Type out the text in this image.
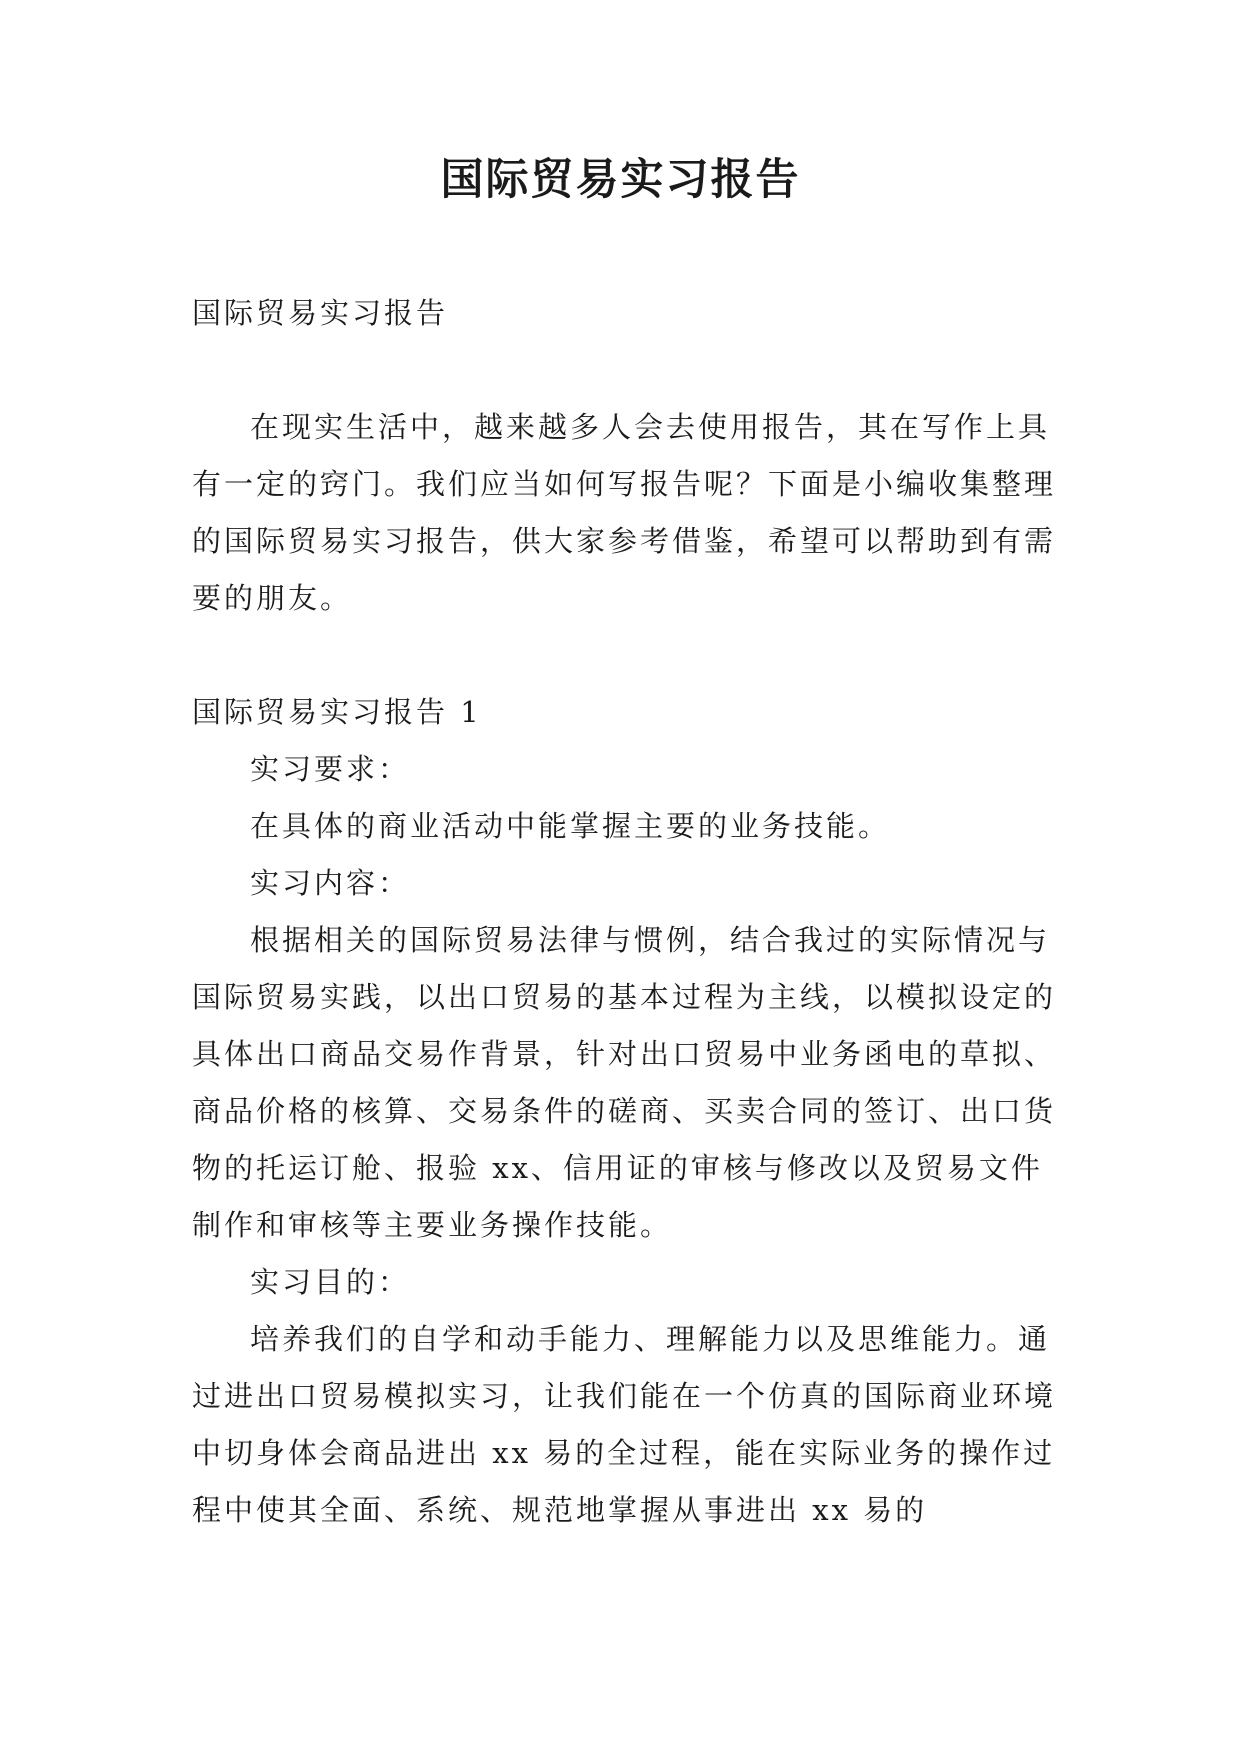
国际贸易实习报告

国际贸易实习报告

在现实生活中，越来越多人会去使用报告，其在写作上具有一定的窍门。我们应当如何写报告呢？下面是小编收集整理的国际贸易实习报告，供大家参考借鉴，希望可以帮助到有需要的朋友。

国际贸易实习报告 1

实习要求：

在具体的商业活动中能掌握主要的业务技能。

实习内容：

根据相关的国际贸易法律与惯例，结合我过的实际情况与国际贸易实践，以出口贸易的基本过程为主线，以模拟设定的具体出口商品交易作背景，针对出口贸易中业务函电的草拟、商品价格的核算、交易条件的磋商、买卖合同的签订、出口货物的托运订舱、报验 xx、信用证的审核与修改以及贸易文件制作和审核等主要业务操作技能。

实习目的：

培养我们的自学和动手能力、理解能力以及思维能力。通过进出口贸易模拟实习，让我们能在一个仿真的国际商业环境中切身体会商品进出 xx 易的全过程，能在实际业务的操作过程中使其全面、系统、规范地掌握从事进出 xx 易的
